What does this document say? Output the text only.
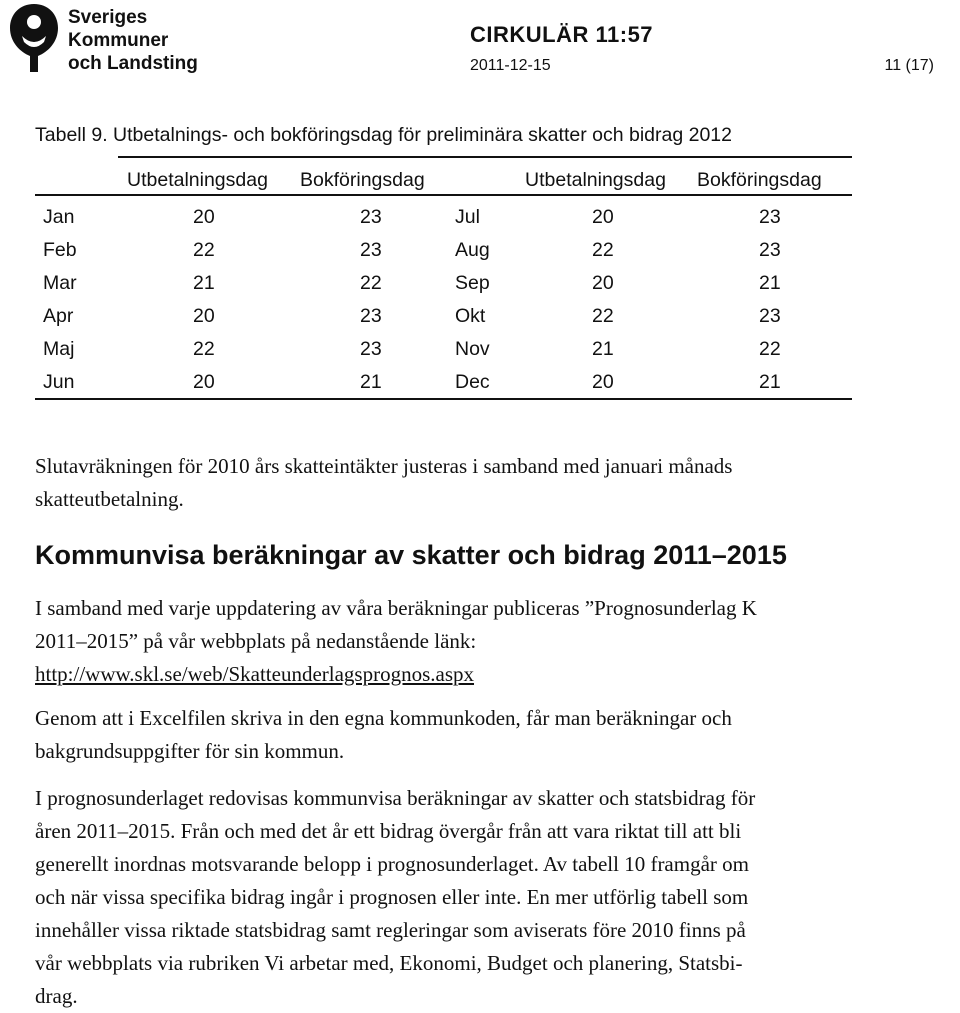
Sveriges
Kommuner
och Landsting
CIRKULÄR 11:57
2011-12-15	11 (17)
Tabell 9. Utbetalnings- och bokföringsdag för preliminära skatter och bidrag 2012
Utbetalningsdag Bokföringsdag	Utbetalningsdag Bokföringsdag
Jan	20	23	Jul	20	23
Feb	22	23	Aug	22	23
Mar	21	22	Sep	20	21
Apr	20	23	Okt	22	23
Maj	22	23	Nov	21	22
Jun	20	21	Dec	20	21
Slutavräkningen för 2010 års skatteintäkter justeras i samband med januari månads
skatteutbetalning.
Kommunvisa beräkningar av skatter och bidrag 2011–2015
I samband med varje uppdatering av våra beräkningar publiceras ”Prognosunderlag K
2011–2015” på vår webbplats på nedanstående länk:
http://www.skl.se/web/Skatteunderlagsprognos.aspx
Genom att i Excelfilen skriva in den egna kommunkoden, får man beräkningar och
bakgrundsuppgifter för sin kommun.
I prognosunderlaget redovisas kommunvisa beräkningar av skatter och statsbidrag för
åren 2011–2015. Från och med det år ett bidrag övergår från att vara riktat till att bli
generellt inordnas motsvarande belopp i prognosunderlaget. Av tabell 10 framgår om
och när vissa specifika bidrag ingår i prognosen eller inte. En mer utförlig tabell som
innehåller vissa riktade statsbidrag samt regleringar som aviserats före 2010 finns på
vår webbplats via rubriken Vi arbetar med, Ekonomi, Budget och planering, Statsbi-
drag.
